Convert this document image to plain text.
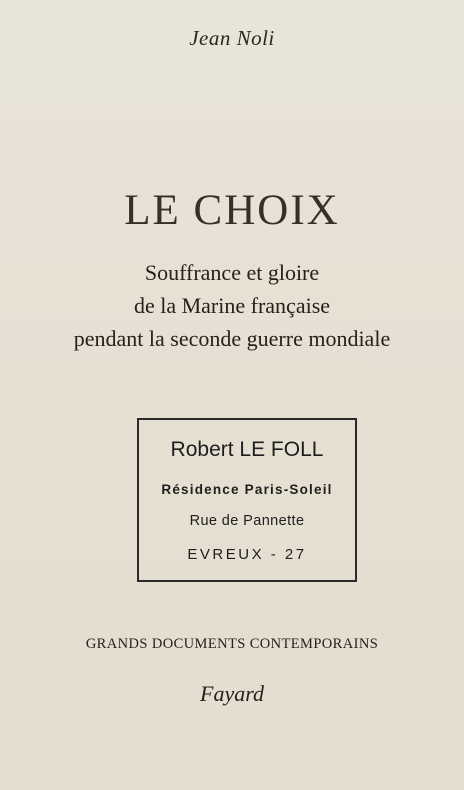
Jean Noli
LE CHOIX
Souffrance et gloire
de la Marine française
pendant la seconde guerre mondiale
Robert LE FOLL
Résidence Paris-Soleil
Rue de Pannette
EVREUX - 27
GRANDS DOCUMENTS CONTEMPORAINS
Fayard
